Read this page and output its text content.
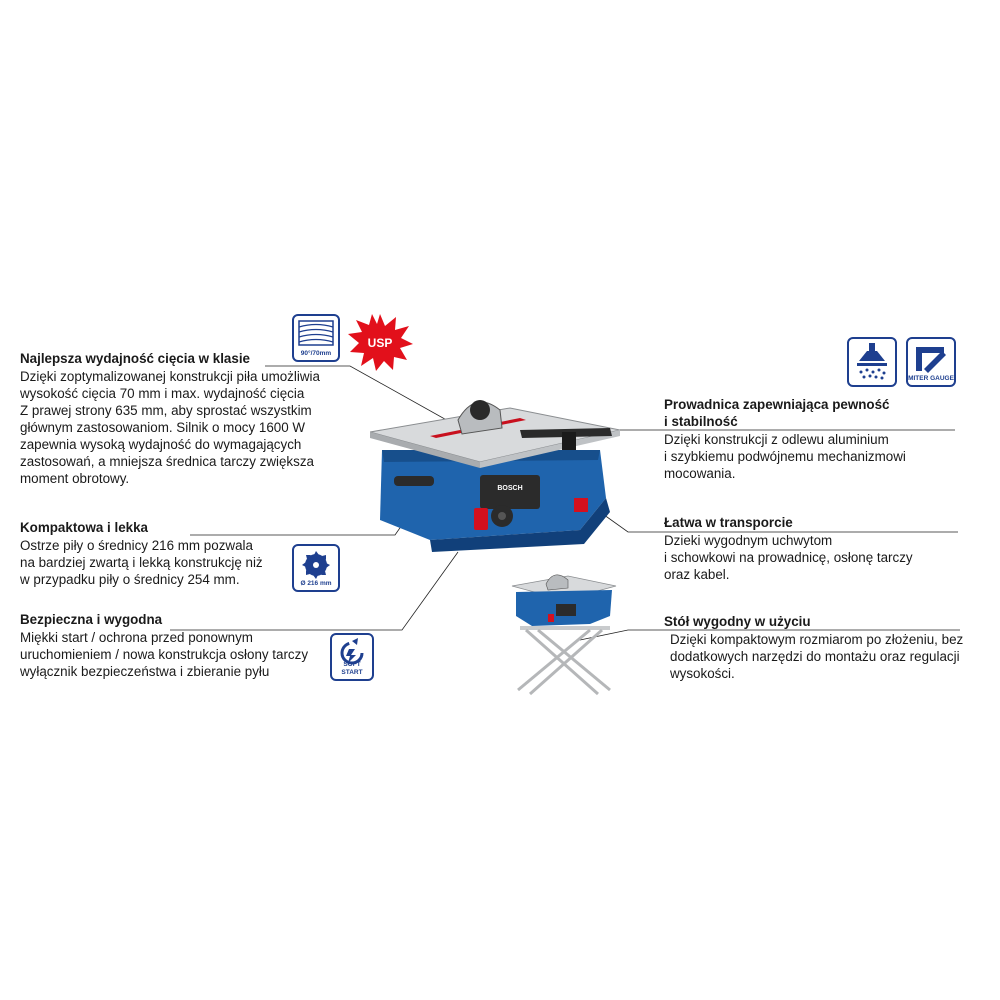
Najlepsza wydajność cięcia w klasie
Dzięki zoptymalizowanej konstrukcji piła umożliwia
wysokość cięcia 70 mm i max. wydajność cięcia
Z prawej strony 635 mm, aby sprostać wszystkim
głównym zastosowaniom. Silnik o mocy 1600 W
zapewnia wysoką wydajność do wymagających
zastosowań, a mniejsza średnica tarczy zwiększa
moment obrotowy.
Kompaktowa i lekka
Ostrze piły o średnicy 216 mm pozwala
na bardziej zwartą i lekką konstrukcję niż
w przypadku piły o średnicy 254 mm.
Bezpieczna i wygodna
Miękki start / ochrona przed ponownym
uruchomieniem / nowa konstrukcja osłony tarczy
wyłącznik bezpieczeństwa i zbieranie pyłu
Prowadnica zapewniająca pewność
i stabilność
Dzięki konstrukcji z odlewu aluminium
i szybkiemu podwójnemu mechanizmowi
mocowania.
Łatwa w transporcie
Dzieki wygodnym uchwytom
i schowkowi na prowadnicę, osłonę tarczy
oraz kabel.
Stół wygodny w użyciu
Dzięki kompaktowym rozmiarom po złożeniu, bez
dodatkowych narzędzi do montażu oraz regulacji
wysokości.
90°/70mm
USP
Ø 216 mm
SOFT START
MITER GAUGE
BOSCH
